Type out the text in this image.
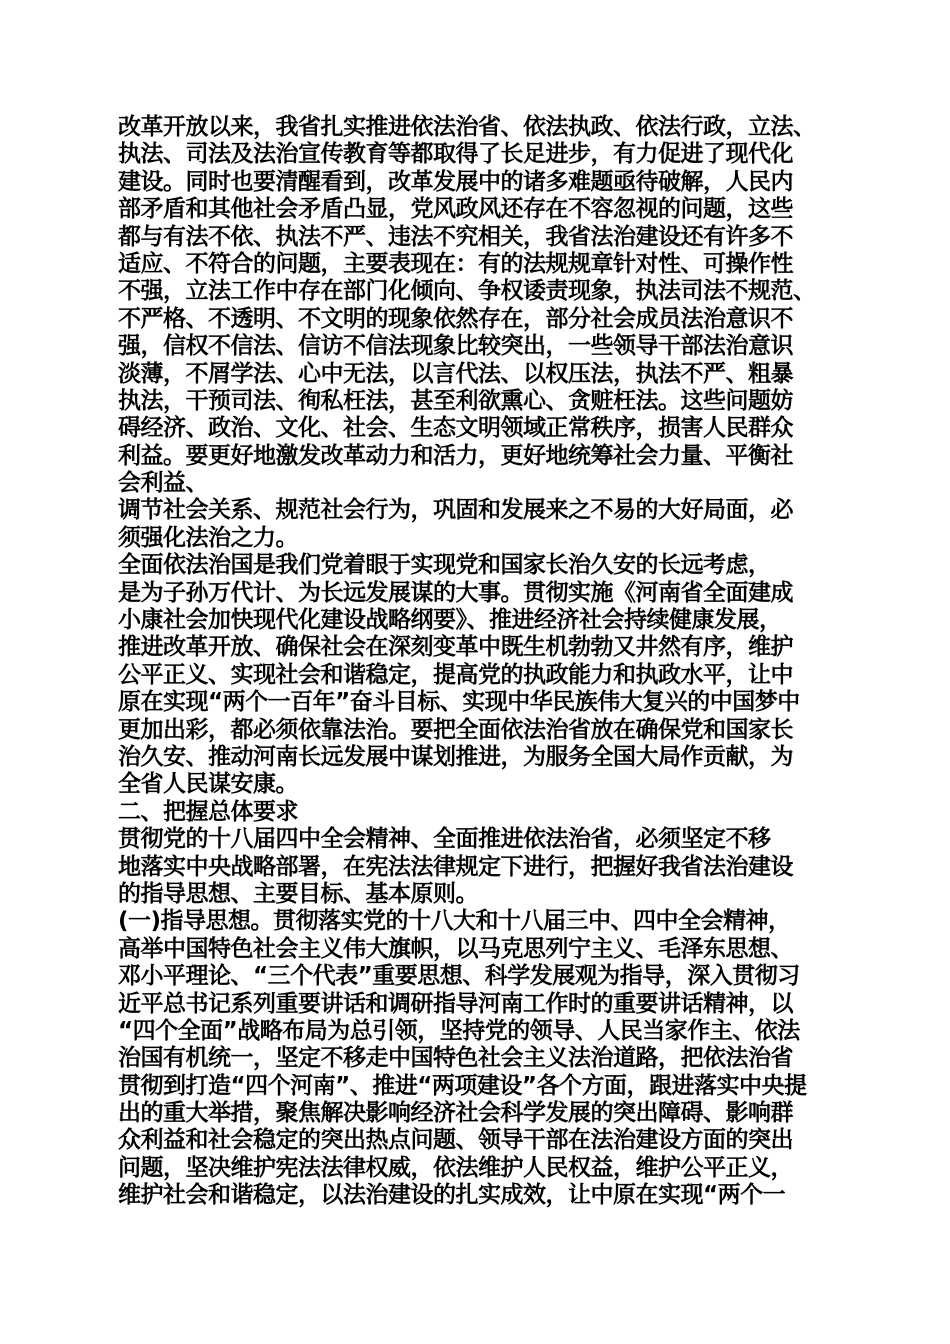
改革开放以来，我省扎实推进依法治省、依法执政、依法行政，立法、
执法、司法及法治宣传教育等都取得了长足进步，有力促进了现代化
建设。同时也要清醒看到，改革发展中的诸多难题亟待破解，人民内
部矛盾和其他社会矛盾凸显，党风政风还存在不容忽视的问题，这些
都与有法不依、执法不严、违法不究相关，我省法治建设还有许多不
适应、不符合的问题，主要表现在：有的法规规章针对性、可操作性
不强，立法工作中存在部门化倾向、争权诿责现象，执法司法不规范、
不严格、不透明、不文明的现象依然存在，部分社会成员法治意识不
强，信权不信法、信访不信法现象比较突出，一些领导干部法治意识
淡薄，不屑学法、心中无法，以言代法、以权压法，执法不严、粗暴
执法，干预司法、徇私枉法，甚至利欲熏心、贪赃枉法。这些问题妨
碍经济、政治、文化、社会、生态文明领域正常秩序，损害人民群众
利益。要更好地激发改革动力和活力，更好地统筹社会力量、平衡社
会利益、
调节社会关系、规范社会行为，巩固和发展来之不易的大好局面，必
须强化法治之力。
全面依法治国是我们党着眼于实现党和国家长治久安的长远考虑，
是为子孙万代计、为长远发展谋的大事。贯彻实施《河南省全面建成
小康社会加快现代化建设战略纲要》、推进经济社会持续健康发展，
推进改革开放、确保社会在深刻变革中既生机勃勃又井然有序，维护
公平正义、实现社会和谐稳定，提高党的执政能力和执政水平，让中
原在实现“两个一百年”奋斗目标、实现中华民族伟大复兴的中国梦中
更加出彩，都必须依靠法治。要把全面依法治省放在确保党和国家长
治久安、推动河南长远发展中谋划推进，为服务全国大局作贡献，为
全省人民谋安康。
二、把握总体要求
贯彻党的十八届四中全会精神、全面推进依法治省，必须坚定不移
地落实中央战略部署，在宪法法律规定下进行，把握好我省法治建设
的指导思想、主要目标、基本原则。
(一)指导思想。贯彻落实党的十八大和十八届三中、四中全会精神，
高举中国特色社会主义伟大旗帜，以马克思列宁主义、毛泽东思想、
邓小平理论、“三个代表”重要思想、科学发展观为指导，深入贯彻习
近平总书记系列重要讲话和调研指导河南工作时的重要讲话精神，以
“四个全面”战略布局为总引领，坚持党的领导、人民当家作主、依法
治国有机统一，坚定不移走中国特色社会主义法治道路，把依法治省
贯彻到打造“四个河南”、推进“两项建设”各个方面，跟进落实中央提
出的重大举措，聚焦解决影响经济社会科学发展的突出障碍、影响群
众利益和社会稳定的突出热点问题、领导干部在法治建设方面的突出
问题，坚决维护宪法法律权威，依法维护人民权益，维护公平正义，
维护社会和谐稳定，以法治建设的扎实成效，让中原在实现“两个一
